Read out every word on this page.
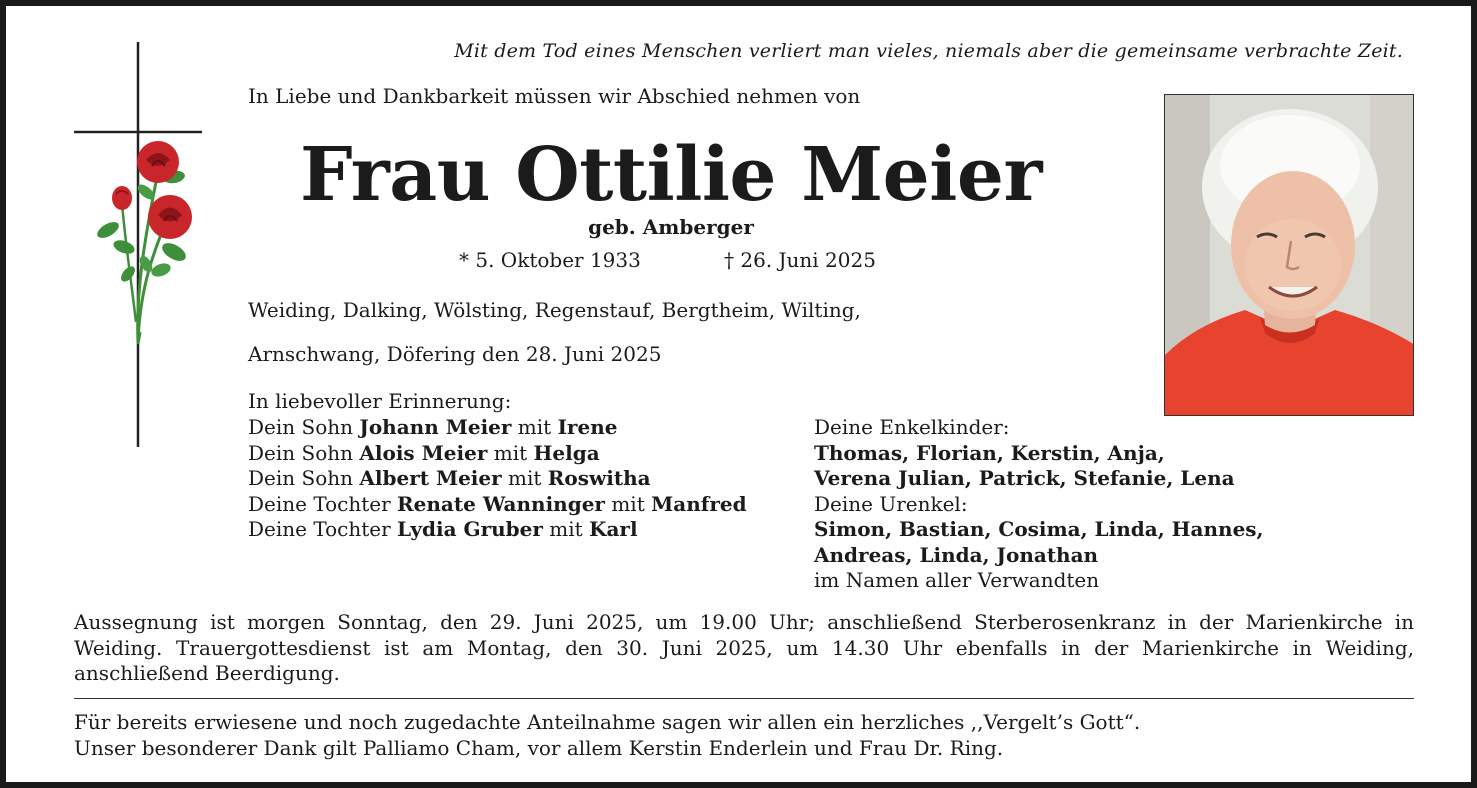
Mit dem Tod eines Menschen verliert man vieles, niemals aber die gemeinsame verbrachte Zeit.
In Liebe und Dankbarkeit müssen wir Abschied nehmen von
Frau Ottilie Meier
geb. Amberger
* 5. Oktober 1933	† 26. Juni 2025
Weiding, Dalking, Wölsting, Regenstauf, Bergtheim, Wilting,
Arnschwang, Döfering den 28. Juni 2025
In liebevoller Erinnerung:
Dein Sohn Johann Meier mit Irene
Dein Sohn Alois Meier mit Helga
Dein Sohn Albert Meier mit Roswitha
Deine Tochter Renate Wanninger mit Manfred
Deine Tochter Lydia Gruber mit Karl
Deine Enkelkinder:
Thomas, Florian, Kerstin, Anja,
Verena Julian, Patrick, Stefanie, Lena
Deine Urenkel:
Simon, Bastian, Cosima, Linda, Hannes,
Andreas, Linda, Jonathan
im Namen aller Verwandten
Aussegnung ist morgen Sonntag, den 29. Juni 2025, um 19.00 Uhr; anschließend Sterberosenkranz in der Marienkirche in Weiding. Trauergottesdienst ist am Montag, den 30. Juni 2025, um 14.30 Uhr ebenfalls in der Marienkirche in Weiding, anschließend Beerdigung.
Für bereits erwiesene und noch zugedachte Anteilnahme sagen wir allen ein herzliches ,,Vergelt’s Gott“.
Unser besonderer Dank gilt Palliamo Cham, vor allem Kerstin Enderlein und Frau Dr. Ring.
